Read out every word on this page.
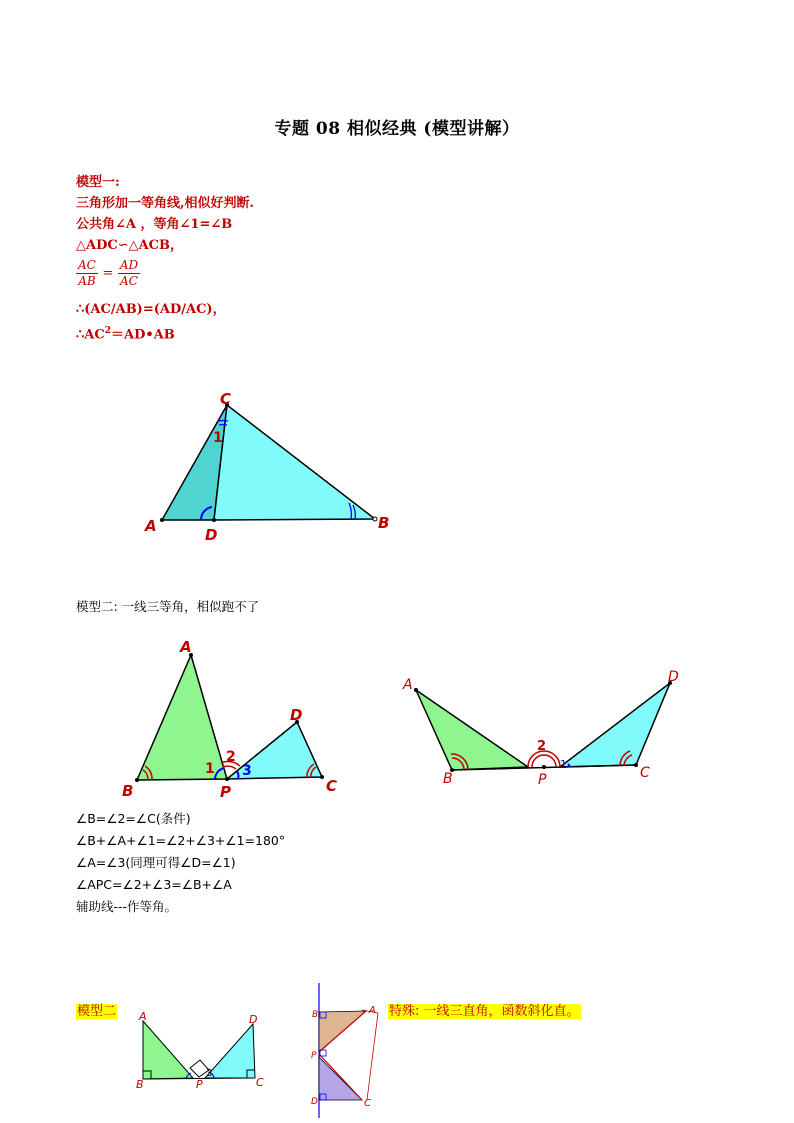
专题 08 相似经典 (模型讲解）
模型一:
三角形加一等角线,相似好判断.
公共角∠A ，等角∠1=∠B
△ADC∽△ACB，
$\frac{AC}{AB} = \frac{AD}{AC}$
∴(AC/AB)=(AD/AC)，
$\therefore AC^2=AD•AB$
A	D
B
C
1
A
B	P	C
D
1
2
3
A
B	P	C
D
2
1
A
B	P	C
D
3
B	A
P
D	C
模型二: 一线三等角，相似跑不了
∠B=∠2=∠C(条件)
∠B+∠A+∠1=∠2+∠3+∠1=180°
∠A=∠3(同理可得∠D=∠1)
∠APC=∠2+∠3=∠B+∠A
辅助线---作等角。
模型二	特殊: 一线三直角，函数斜化直。
